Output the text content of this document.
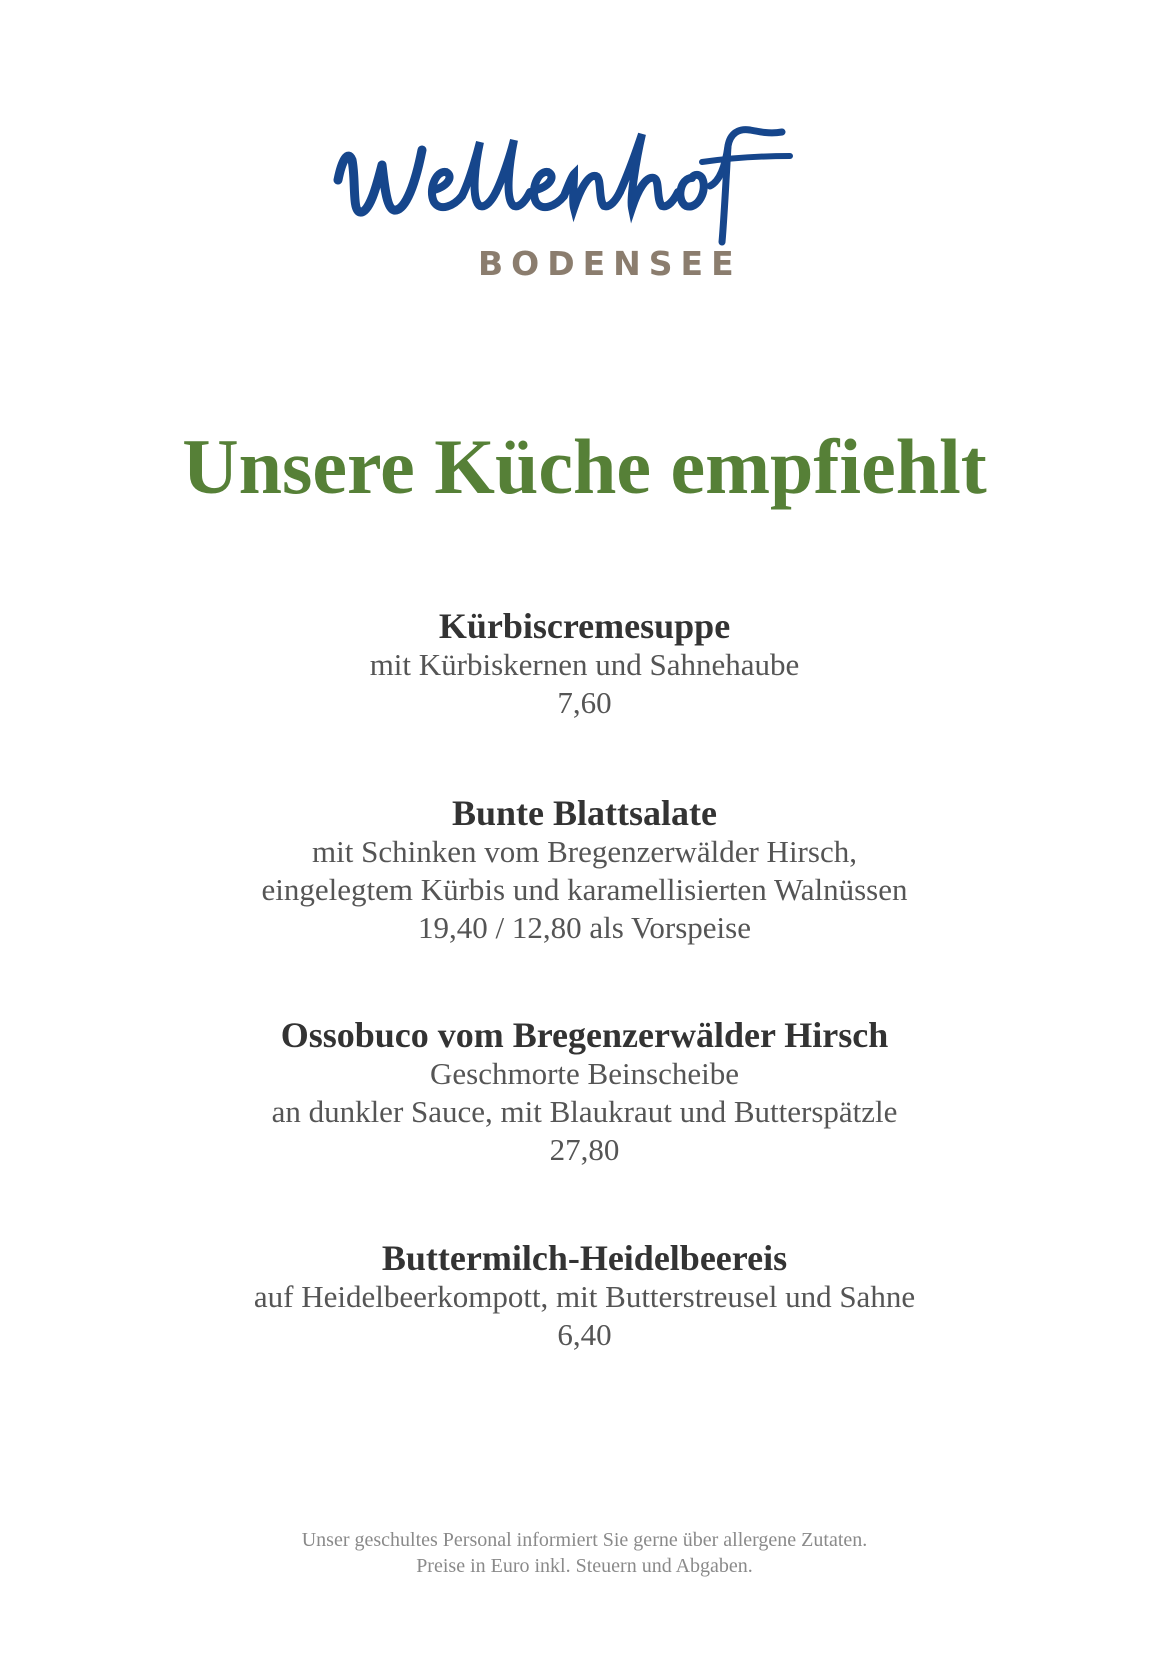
BODENSEE
Unsere Küche empfiehlt
Kürbiscremesuppe
mit Kürbiskernen und Sahnehaube
7,60
Bunte Blattsalate
mit Schinken vom Bregenzerwälder Hirsch,
eingelegtem Kürbis und karamellisierten Walnüssen
19,40 / 12,80 als Vorspeise
Ossobuco vom Bregenzerwälder Hirsch
Geschmorte Beinscheibe
an dunkler Sauce, mit Blaukraut und Butterspätzle
27,80
Buttermilch-Heidelbeereis
auf Heidelbeerkompott, mit Butterstreusel und Sahne
6,40
Unser geschultes Personal informiert Sie gerne über allergene Zutaten.
Preise in Euro inkl. Steuern und Abgaben.
